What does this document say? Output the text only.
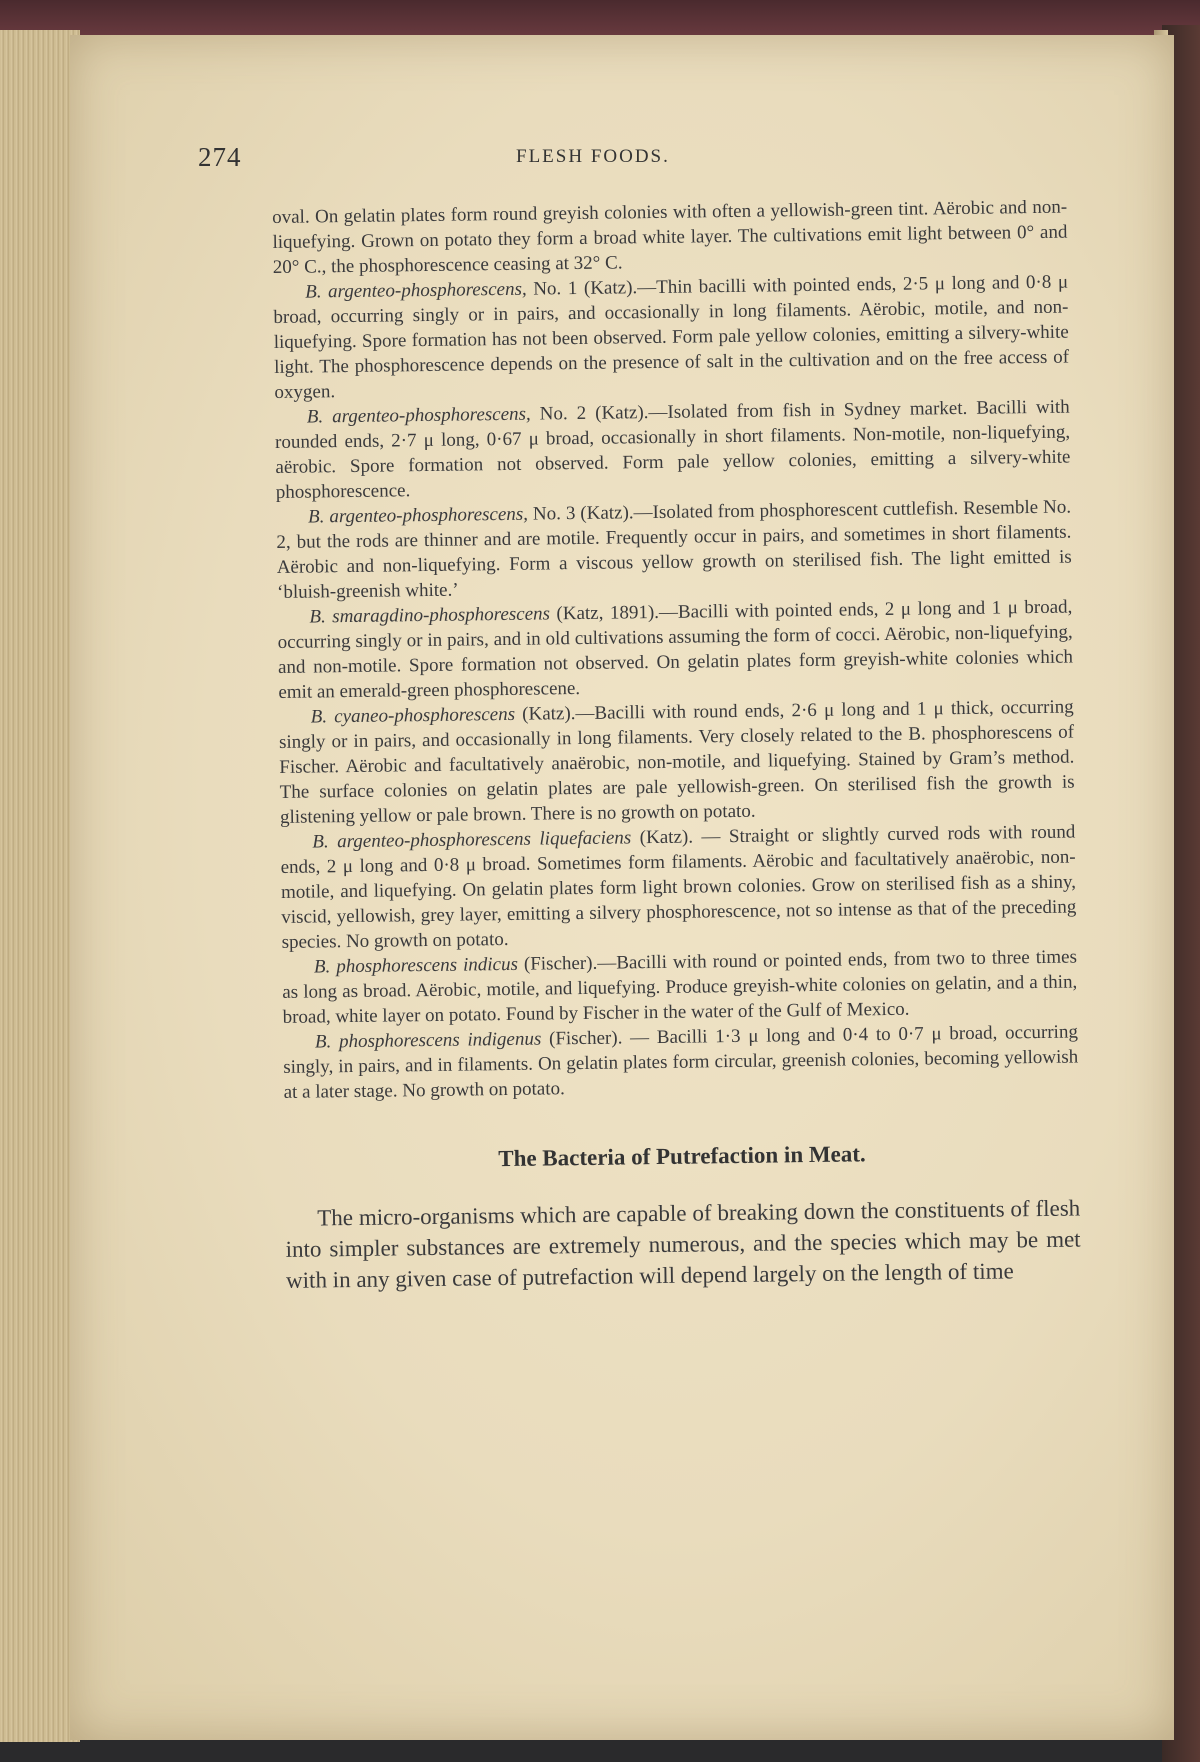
274	FLESH FOODS.

oval. On gelatin plates form round greyish colonies with often a yellowish-green tint. Aërobic and non-liquefying. Grown on potato they form a broad white layer. The cultivations emit light between 0° and 20° C., the phosphorescence ceasing at 32° C.

B. argenteo-phosphorescens, No. 1 (Katz).—Thin bacilli with pointed ends, 2·5 μ long and 0·8 μ broad, occurring singly or in pairs, and occasionally in long filaments. Aërobic, motile, and non-liquefying. Spore formation has not been observed. Form pale yellow colonies, emitting a silvery-white light. The phosphorescence depends on the presence of salt in the cultivation and on the free access of oxygen.

B. argenteo-phosphorescens, No. 2 (Katz).—Isolated from fish in Sydney market. Bacilli with rounded ends, 2·7 μ long, 0·67 μ broad, occasionally in short filaments. Non-motile, non-liquefying, aërobic. Spore formation not observed. Form pale yellow colonies, emitting a silvery-white phosphorescence.

B. argenteo-phosphorescens, No. 3 (Katz).—Isolated from phosphorescent cuttlefish. Resemble No. 2, but the rods are thinner and are motile. Frequently occur in pairs, and sometimes in short filaments. Aërobic and non-liquefying. Form a viscous yellow growth on sterilised fish. The light emitted is ‘bluish-greenish white.’

B. smaragdino-phosphorescens (Katz, 1891).—Bacilli with pointed ends, 2 μ long and 1 μ broad, occurring singly or in pairs, and in old cultivations assuming the form of cocci. Aërobic, non-liquefying, and non-motile. Spore formation not observed. On gelatin plates form greyish-white colonies which emit an emerald-green phosphorescene.

B. cyaneo-phosphorescens (Katz).—Bacilli with round ends, 2·6 μ long and 1 μ thick, occurring singly or in pairs, and occasionally in long filaments. Very closely related to the B. phosphorescens of Fischer. Aërobic and facultatively anaërobic, non-motile, and liquefying. Stained by Gram’s method. The surface colonies on gelatin plates are pale yellowish-green. On sterilised fish the growth is glistening yellow or pale brown. There is no growth on potato.

B. argenteo-phosphorescens liquefaciens (Katz). — Straight or slightly curved rods with round ends, 2 μ long and 0·8 μ broad. Sometimes form filaments. Aërobic and facultatively anaërobic, non-motile, and liquefying. On gelatin plates form light brown colonies. Grow on sterilised fish as a shiny, viscid, yellowish, grey layer, emitting a silvery phosphorescence, not so intense as that of the preceding species. No growth on potato.

B. phosphorescens indicus (Fischer).—Bacilli with round or pointed ends, from two to three times as long as broad. Aërobic, motile, and liquefying. Produce greyish-white colonies on gelatin, and a thin, broad, white layer on potato. Found by Fischer in the water of the Gulf of Mexico.

B. phosphorescens indigenus (Fischer). — Bacilli 1·3 μ long and 0·4 to 0·7 μ broad, occurring singly, in pairs, and in filaments. On gelatin plates form circular, greenish colonies, becoming yellowish at a later stage. No growth on potato.

The Bacteria of Putrefaction in Meat.

The micro-organisms which are capable of breaking down the constituents of flesh into simpler substances are extremely numerous, and the species which may be met with in any given case of putrefaction will depend largely on the length of time
